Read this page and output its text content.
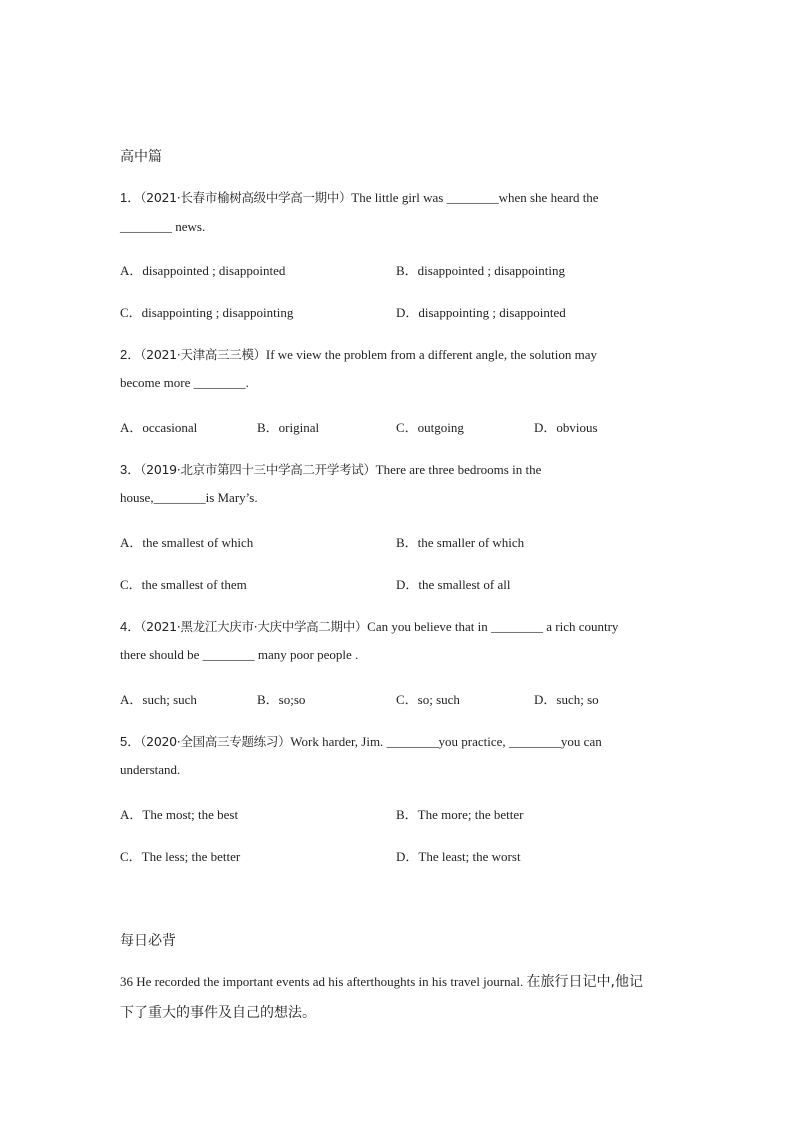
高中篇
1．（2021·长春市榆树高级中学高一期中）The little girl was ________when she heard the
________ news.
A．disappointed ; disappointed	B．disappointed ; disappointing
C．disappointing ; disappointing	D．disappointing ; disappointed
2．（2021·天津高三三模）If we view the problem from a different angle, the solution may
become more ________.
A．occasional	B．original	C．outgoing	D．obvious
3．（2019·北京市第四十三中学高二开学考试）There are three bedrooms in the
house,________is Mary’s.
A．the smallest of which	B．the smaller of which
C．the smallest of them	D．the smallest of all
4．（2021·黑龙江大庆市·大庆中学高二期中）Can you believe that in ________ a rich country
there should be ________ many poor people .
A．such; such	B．so;so	C．so; such	D．such; so
5．（2020·全国高三专题练习）Work harder, Jim. ________you practice, ________you can
understand.
A．The most; the best	B．The more; the better
C．The less; the better	D．The least; the worst
每日必背
36 He recorded the important events ad his afterthoughts in his travel journal. 在旅行日记中,他记
下了重大的事件及自己的想法。
